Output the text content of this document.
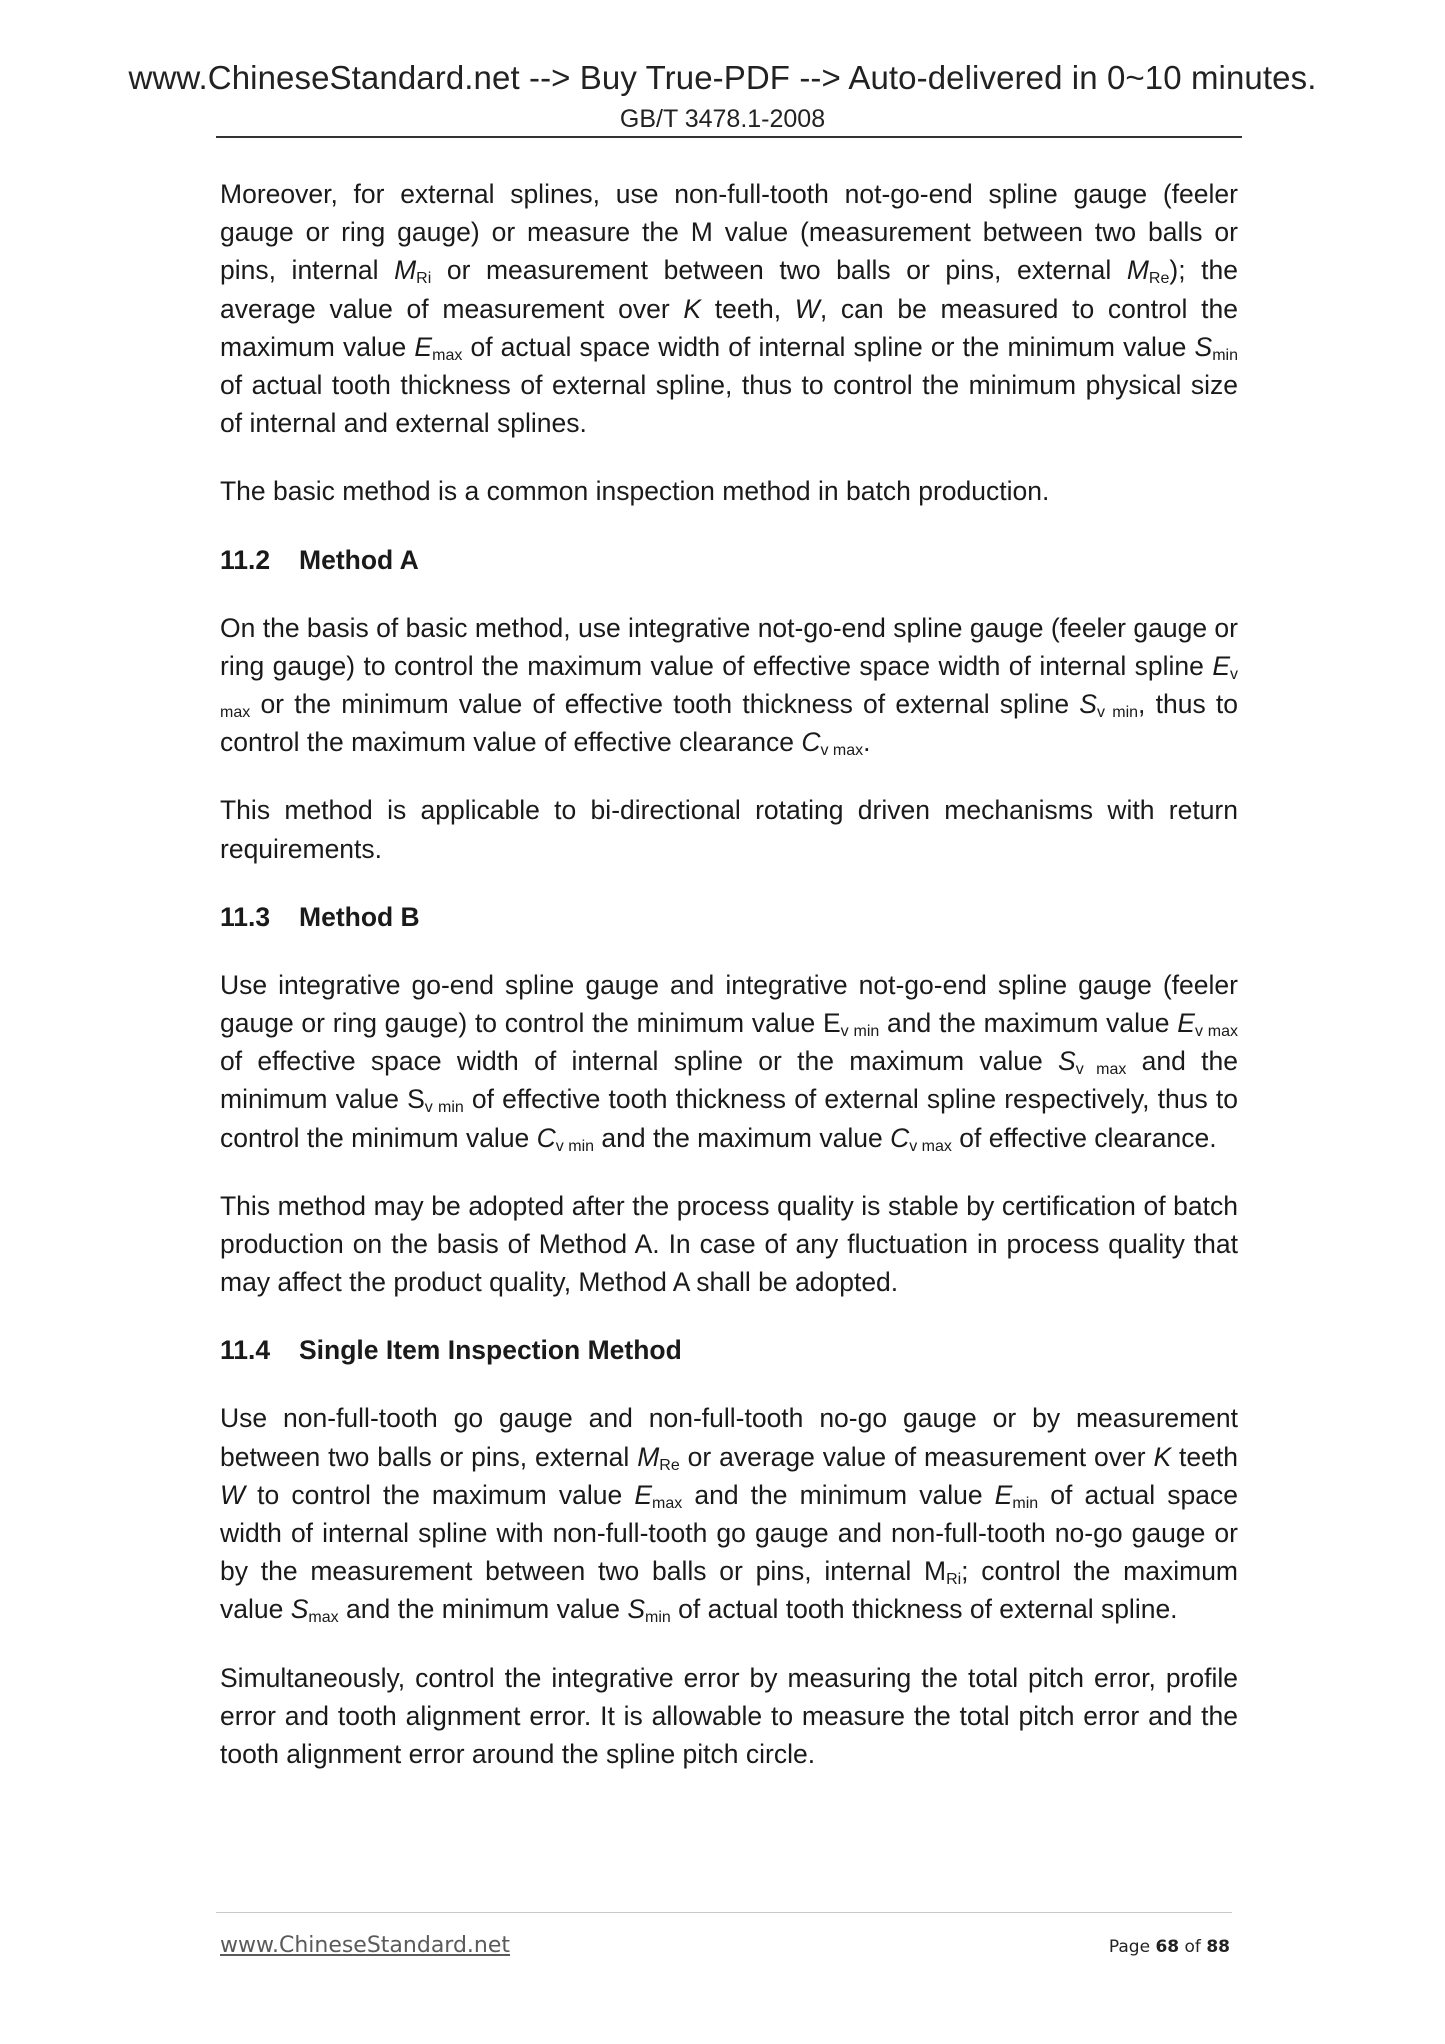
www.ChineseStandard.net --> Buy True-PDF --> Auto-delivered in 0~10 minutes.
GB/T 3478.1-2008

Moreover, for external splines, use non-full-tooth not-go-end spline gauge (feeler gauge or ring gauge) or measure the M value (measurement between two balls or pins, internal $M_{Ri}$ or measurement between two balls or pins, external $M_{Re}$); the average value of measurement over K teeth, W, can be measured to control the maximum value $E_{max}$ of actual space width of internal spline or the minimum value $S_{min}$ of actual tooth thickness of external spline, thus to control the minimum physical size of internal and external splines.

The basic method is a common inspection method in batch production.

11.2 Method A

On the basis of basic method, use integrative not-go-end spline gauge (feeler gauge or ring gauge) to control the maximum value of effective space width of internal spline $E_{v max}$ or the minimum value of effective tooth thickness of external spline $S_{v min}$, thus to control the maximum value of effective clearance $C_{v max}$.

This method is applicable to bi-directional rotating driven mechanisms with return requirements.

11.3 Method B

Use integrative go-end spline gauge and integrative not-go-end spline gauge (feeler gauge or ring gauge) to control the minimum value $E_{v min}$ and the maximum value $E_{v max}$ of effective space width of internal spline or the maximum value $S_{v max}$ and the minimum value $S_{v min}$ of effective tooth thickness of external spline respectively, thus to control the minimum value $C_{v min}$ and the maximum value $C_{v max}$ of effective clearance.

This method may be adopted after the process quality is stable by certification of batch production on the basis of Method A. In case of any fluctuation in process quality that may affect the product quality, Method A shall be adopted.

11.4 Single Item Inspection Method

Use non-full-tooth go gauge and non-full-tooth no-go gauge or by measurement between two balls or pins, external $M_{Re}$ or average value of measurement over K teeth W to control the maximum value $E_{max}$ and the minimum value $E_{min}$ of actual space width of internal spline with non-full-tooth go gauge and non-full-tooth no-go gauge or by the measurement between two balls or pins, internal $M_{Ri}$; control the maximum value $S_{max}$ and the minimum value $S_{min}$ of actual tooth thickness of external spline.

Simultaneously, control the integrative error by measuring the total pitch error, profile error and tooth alignment error. It is allowable to measure the total pitch error and the tooth alignment error around the spline pitch circle.

www.ChineseStandard.net	Page 68 of 88
